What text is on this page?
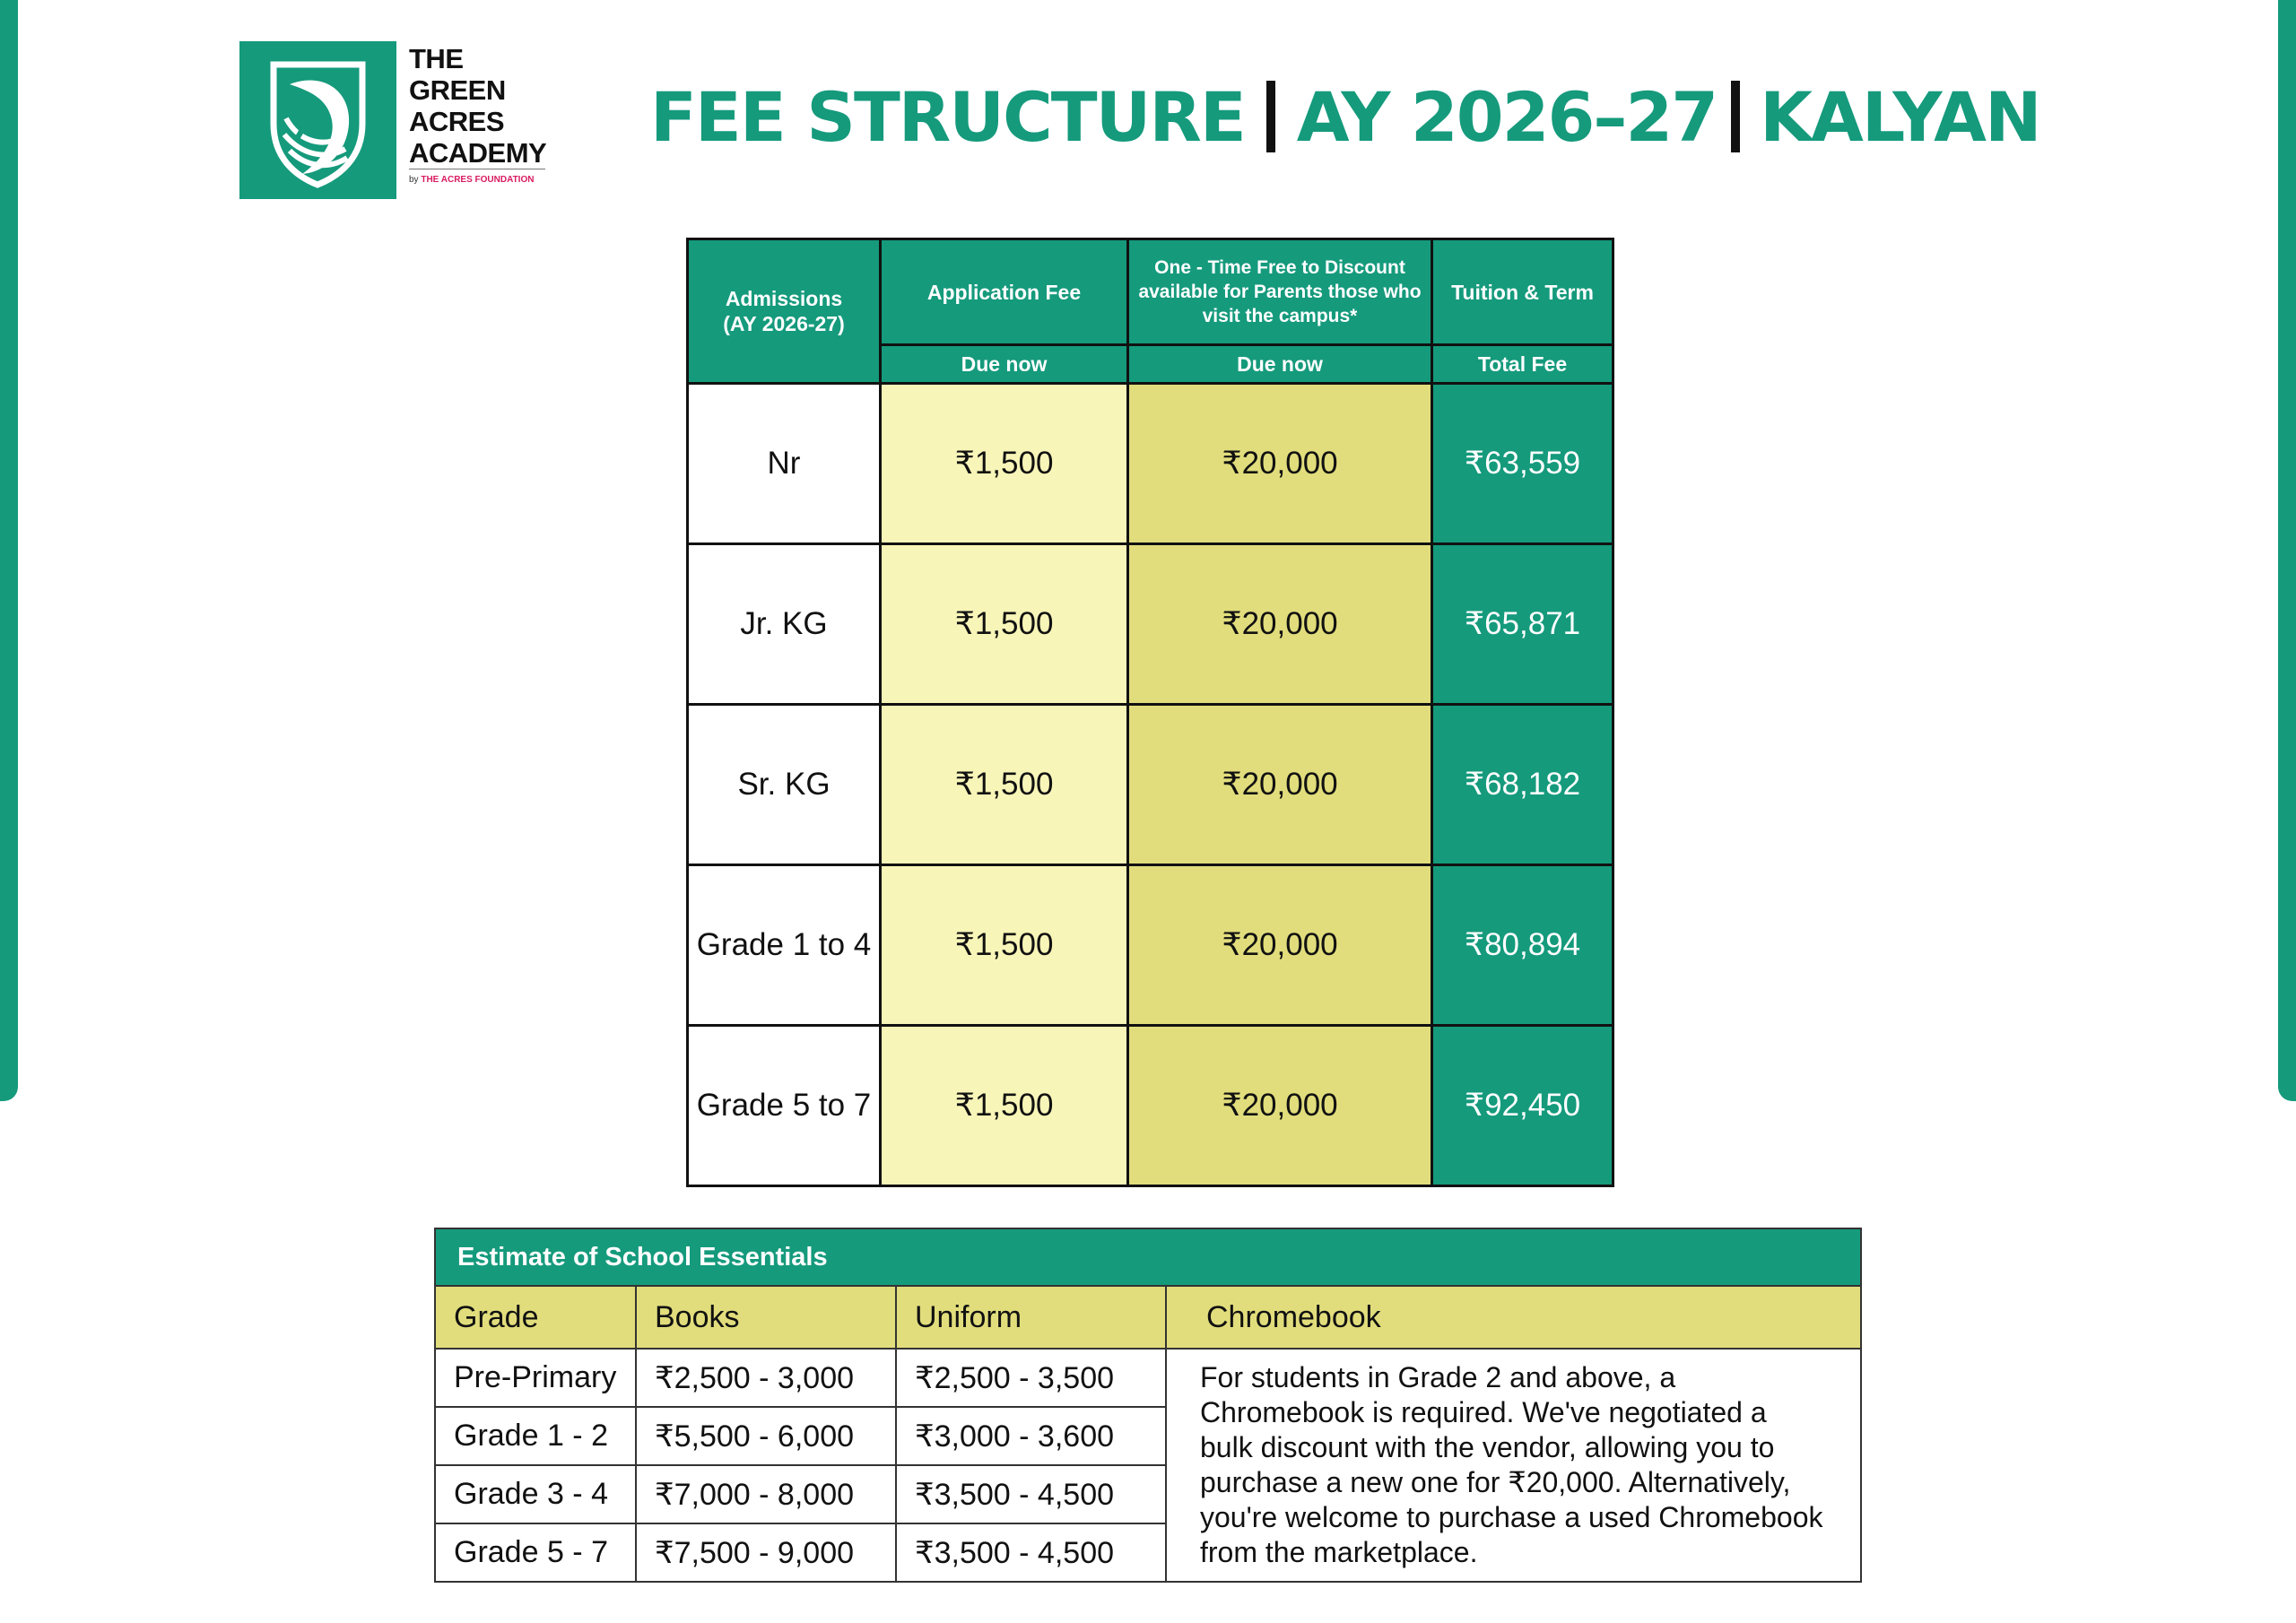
THE
GREEN
ACRES
ACADEMY
by THE ACRES FOUNDATION
FEE STRUCTURE AY 2026–27 KALYAN
Admissions (AY 2026-27)	Application Fee	One - Time Free to Discount available for Parents those who visit the campus*	Tuition & Term
	Due now	Due now	Total Fee
Nr	₹1,500	₹20,000	₹63,559
Jr. KG	₹1,500	₹20,000	₹65,871
Sr. KG	₹1,500	₹20,000	₹68,182
Grade 1 to 4	₹1,500	₹20,000	₹80,894
Grade 5 to 7	₹1,500	₹20,000	₹92,450
Estimate of School Essentials			
Grade	Books	Uniform	Chromebook
Pre-Primary	₹2,500 - 3,000	₹2,500 - 3,500	For students in Grade 2 and above, a Chromebook is required. We've negotiated a bulk discount with the vendor, allowing you to purchase a new one for ₹20,000. Alternatively, you're welcome to purchase a used Chromebook from the marketplace.
Grade 1 - 2	₹5,500 - 6,000	₹3,000 - 3,600	
Grade 3 - 4	₹7,000 - 8,000	₹3,500 - 4,500	
Grade 5 - 7	₹7,500 - 9,000	₹3,500 - 4,500	
